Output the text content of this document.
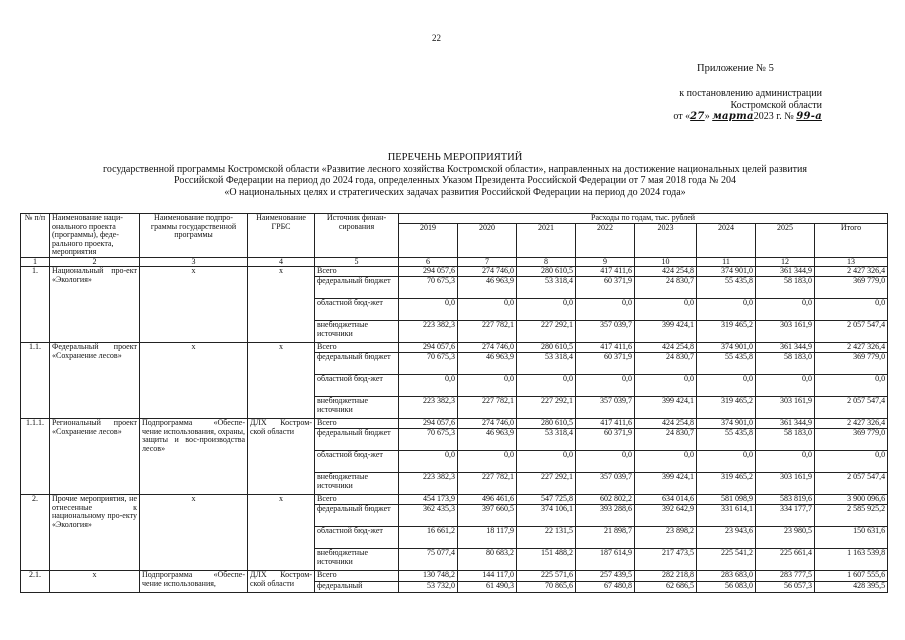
22
Приложение № 5
к постановлению администрации
Костромской области
от «27» марта2023 г. № 99-а
ПЕРЕЧЕНЬ МЕРОПРИЯТИЙ
государственной программы Костромской области «Развитие лесного хозяйства Костромской области», направленных на достижение национальных целей развития
Российской Федерации на период до 2024 года, определенных Указом Президента Российской Федерации от 7 мая 2018 года № 204
«О национальных целях и стратегических задачах развития Российской Федерации на период до 2024 года»
№ п/п	Наименование наци-онального проекта (программы), феде-рального проекта, мероприятия	Наименование подпро-граммы государственной программы	Наименование ГРБС	Источник финан-сирования	Расходы по годам, тыс. рублей							
					2019	2020	2021	2022	2023	2024	2025	Итого
1	2	3	4	5	6	7	8	9	10	11	12	13
1.	Национальный про-ект «Экология»	x	x	Всего	294 057,6	274 746,0	280 610,5	417 411,6	424 254,8	374 901,0	361 344,9	2 427 326,4
				федеральный бюджет	70 675,3	46 963,9	53 318,4	60 371,9	24 830,7	55 435,8	58 183,0	369 779,0
				областной бюд-жет	0,0	0,0	0,0	0,0	0,0	0,0	0,0	0,0
				внебюджетные источники	223 382,3	227 782,1	227 292,1	357 039,7	399 424,1	319 465,2	303 161,9	2 057 547,4
1.1.	Федеральный проект «Сохранение лесов»	x	x	Всего	294 057,6	274 746,0	280 610,5	417 411,6	424 254,8	374 901,0	361 344,9	2 427 326,4
				федеральный бюджет	70 675,3	46 963,9	53 318,4	60 371,9	24 830,7	55 435,8	58 183,0	369 779,0
				областной бюд-жет	0,0	0,0	0,0	0,0	0,0	0,0	0,0	0,0
				внебюджетные источники	223 382,3	227 782,1	227 292,1	357 039,7	399 424,1	319 465,2	303 161,9	2 057 547,4
1.1.1.	Региональный проект «Сохранение лесов»	Подпрограмма «Обеспе-чение использования, охраны, защиты и вос-производства лесов»	ДЛХ Костром-ской области	Всего	294 057,6	274 746,0	280 610,5	417 411,6	424 254,8	374 901,0	361 344,9	2 427 326,4
				федеральный бюджет	70 675,3	46 963,9	53 318,4	60 371,9	24 830,7	55 435,8	58 183,0	369 779,0
				областной бюд-жет	0,0	0,0	0,0	0,0	0,0	0,0	0,0	0,0
				внебюджетные источники	223 382,3	227 782,1	227 292,1	357 039,7	399 424,1	319 465,2	303 161,9	2 057 547,4
2.	Прочие мероприятия, не отнесенные к национальному про-екту «Экология»	x	x	Всего	454 173,9	496 461,6	547 725,8	602 802,2	634 014,6	581 098,9	583 819,6	3 900 096,6
				федеральный бюджет	362 435,3	397 660,5	374 106,1	393 288,6	392 642,9	331 614,1	334 177,7	2 585 925,2
				областной бюд-жет	16 661,2	18 117,9	22 131,5	21 898,7	23 898,2	23 943,6	23 980,5	150 631,6
				внебюджетные источники	75 077,4	80 683,2	151 488,2	187 614,9	217 473,5	225 541,2	225 661,4	1 163 539,8
2.1.	x	Подпрограмма «Обеспе-чение использования,	ДЛХ Костром-ской области	Всего	130 748,2	144 117,0	225 571,6	257 439,5	282 218,8	283 683,0	283 777,5	1 607 555,6
				федеральный	53 732,0	61 490,3	70 865,6	67 480,8	62 686,5	56 083,0	56 057,3	428 395,5
